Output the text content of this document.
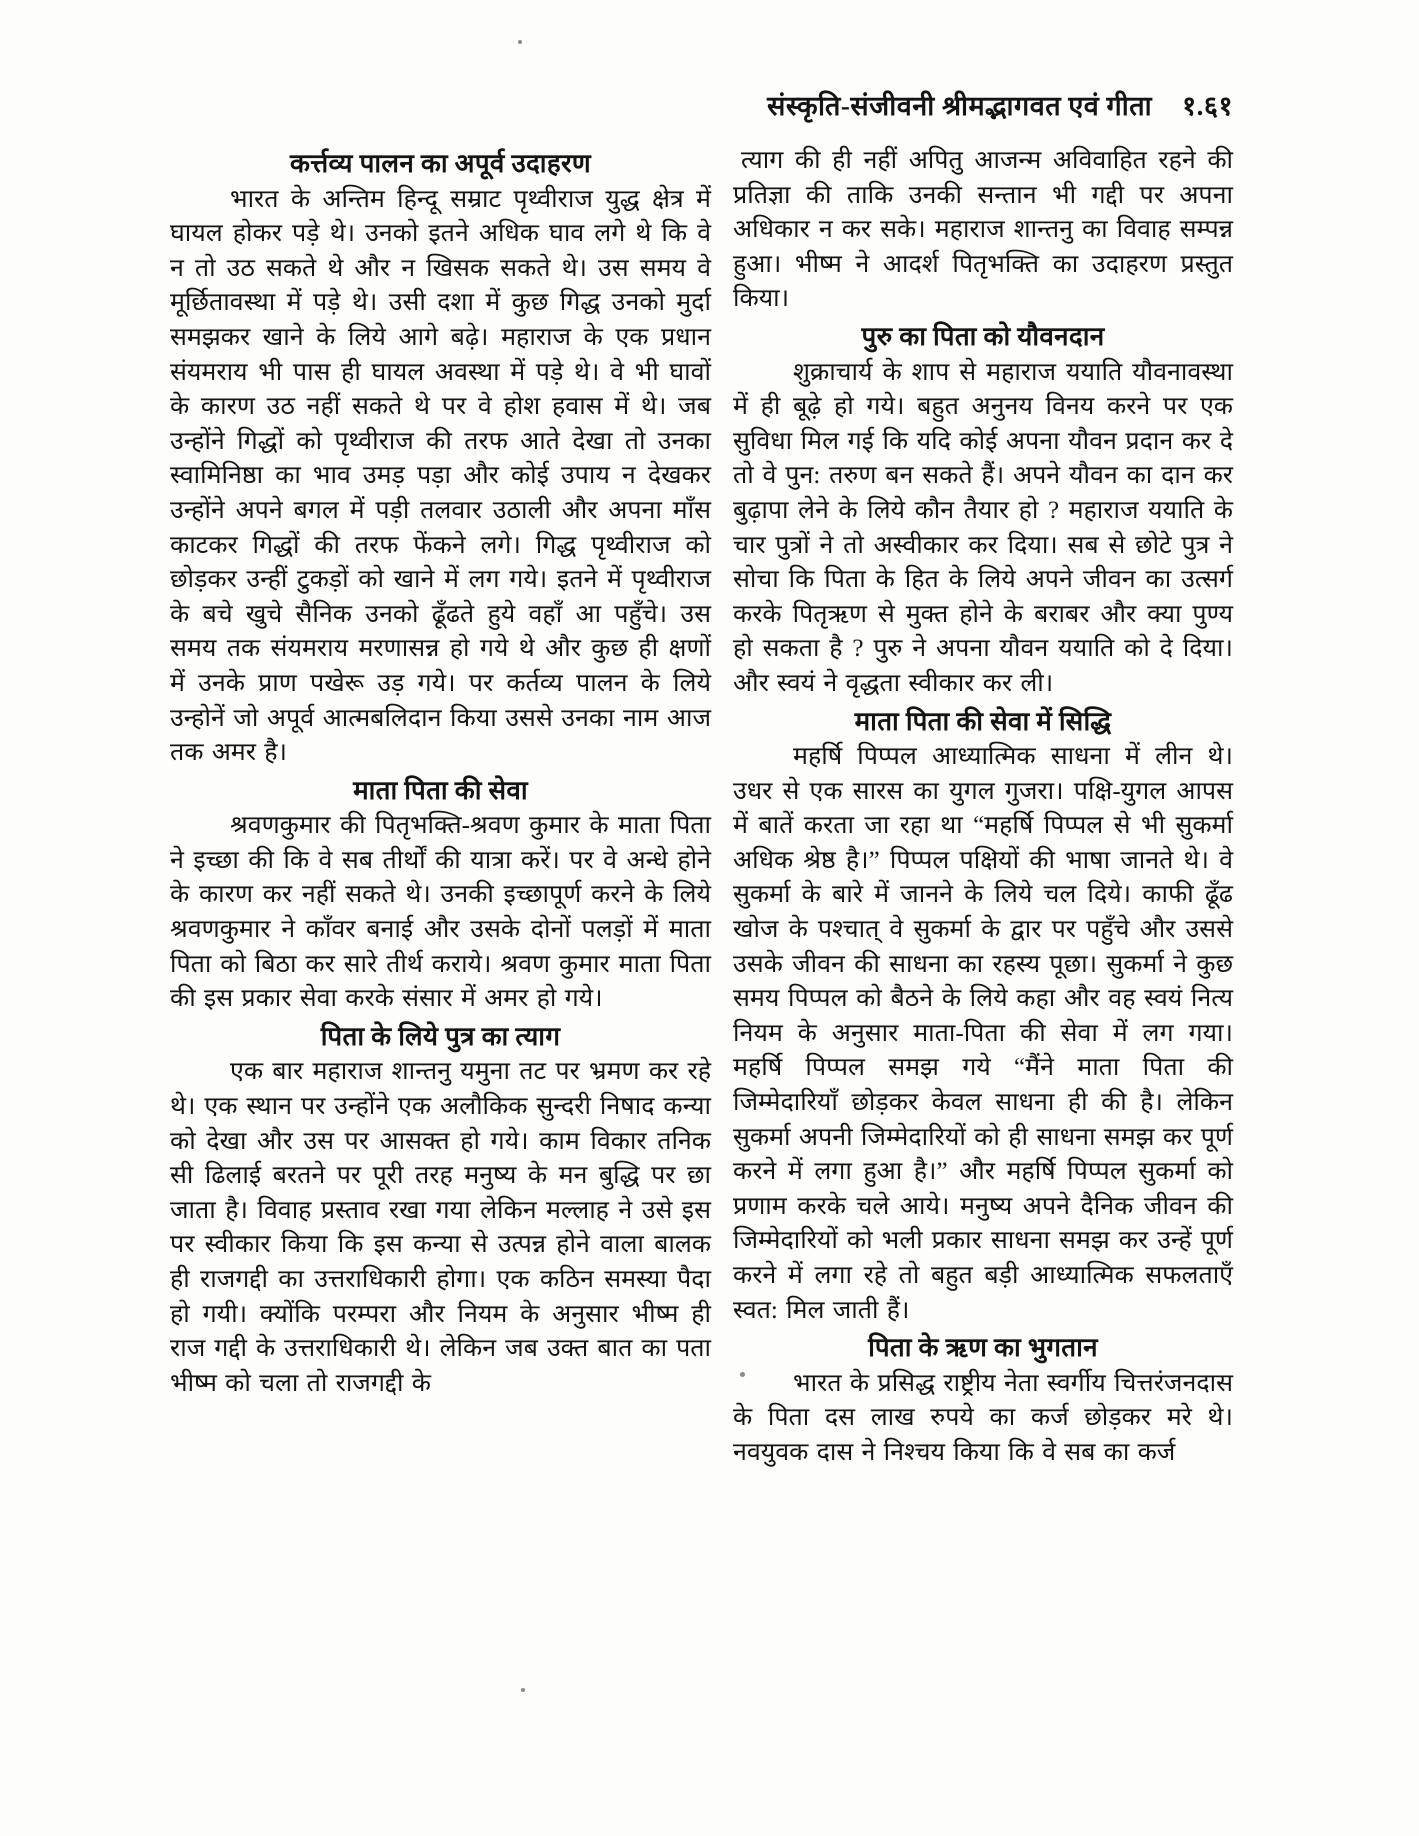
संस्कृति-संजीवनी श्रीमद्भागवत एवं गीता १.६१
कर्त्तव्य पालन का अपूर्व उदाहरण

भारत के अन्तिम हिन्दू सम्राट पृथ्वीराज युद्ध क्षेत्र में घायल होकर पड़े थे। उनको इतने अधिक घाव लगे थे कि वे न तो उठ सकते थे और न खिसक सकते थे। उस समय वे मूर्छितावस्था में पड़े थे। उसी दशा में कुछ गिद्ध उनको मुर्दा समझकर खाने के लिये आगे बढ़े। महाराज के एक प्रधान संयमराय भी पास ही घायल अवस्था में पड़े थे। वे भी घावों के कारण उठ नहीं सकते थे पर वे होश हवास में थे। जब उन्होंने गिद्धों को पृथ्वीराज की तरफ आते देखा तो उनका स्वामिनिष्ठा का भाव उमड़ पड़ा और कोई उपाय न देखकर उन्होंने अपने बगल में पड़ी तलवार उठाली और अपना माँस काटकर गिद्धों की तरफ फेंकने लगे। गिद्ध पृथ्वीराज को छोड़कर उन्हीं टुकड़ों को खाने में लग गये। इतने में पृथ्वीराज के बचे खुचे सैनिक उनको ढूँढते हुये वहाँ आ पहुँचे। उस समय तक संयमराय मरणासन्न हो गये थे और कुछ ही क्षणों में उनके प्राण पखेरू उड़ गये। पर कर्तव्य पालन के लिये उन्होनें जो अपूर्व आत्मबलिदान किया उससे उनका नाम आज तक अमर है।

माता पिता की सेवा

श्रवणकुमार की पितृभक्ति-श्रवण कुमार के माता पिता ने इच्छा की कि वे सब तीर्थों की यात्रा करें। पर वे अन्धे होने के कारण कर नहीं सकते थे। उनकी इच्छापूर्ण करने के लिये श्रवणकुमार ने काँवर बनाई और उसके दोनों पलड़ों में माता पिता को बिठा कर सारे तीर्थ कराये। श्रवण कुमार माता पिता की इस प्रकार सेवा करके संसार में अमर हो गये।

पिता के लिये पुत्र का त्याग

एक बार महाराज शान्तनु यमुना तट पर भ्रमण कर रहे थे। एक स्थान पर उन्होंने एक अलौकिक सुन्दरी निषाद कन्या को देखा और उस पर आसक्त हो गये। काम विकार तनिक सी ढिलाई बरतने पर पूरी तरह मनुष्य के मन बुद्धि पर छा जाता है। विवाह प्रस्ताव रखा गया लेकिन मल्लाह ने उसे इस पर स्वीकार किया कि इस कन्या से उत्पन्न होने वाला बालक ही राजगद्दी का उत्तराधिकारी होगा। एक कठिन समस्या पैदा हो गयी। क्योंकि परम्परा और नियम के अनुसार भीष्म ही राज गद्दी के उत्तराधिकारी थे। लेकिन जब उक्त बात का पता भीष्म को चला तो राजगद्दी के

त्याग की ही नहीं अपितु आजन्म अविवाहित रहने की प्रतिज्ञा की ताकि उनकी सन्तान भी गद्दी पर अपना अधिकार न कर सके। महाराज शान्तनु का विवाह सम्पन्न हुआ। भीष्म ने आदर्श पितृभक्ति का उदाहरण प्रस्तुत किया।

पुरु का पिता को यौवनदान

शुक्राचार्य के शाप से महाराज ययाति यौवनावस्था में ही बूढ़े हो गये। बहुत अनुनय विनय करने पर एक सुविधा मिल गई कि यदि कोई अपना यौवन प्रदान कर दे तो वे पुन: तरुण बन सकते हैं। अपने यौवन का दान कर बुढ़ापा लेने के लिये कौन तैयार हो ? महाराज ययाति के चार पुत्रों ने तो अस्वीकार कर दिया। सब से छोटे पुत्र ने सोचा कि पिता के हित के लिये अपने जीवन का उत्सर्ग करके पितृऋण से मुक्त होने के बराबर और क्या पुण्य हो सकता है ? पुरु ने अपना यौवन ययाति को दे दिया। और स्वयं ने वृद्धता स्वीकार कर ली।

माता पिता की सेवा में सिद्धि

महर्षि पिप्पल आध्यात्मिक साधना में लीन थे। उधर से एक सारस का युगल गुजरा। पक्षि-युगल आपस में बातें करता जा रहा था “महर्षि पिप्पल से भी सुकर्मा अधिक श्रेष्ठ है।” पिप्पल पक्षियों की भाषा जानते थे। वे सुकर्मा के बारे में जानने के लिये चल दिये। काफी ढूँढ खोज के पश्चात् वे सुकर्मा के द्वार पर पहुँचे और उससे उसके जीवन की साधना का रहस्य पूछा। सुकर्मा ने कुछ समय पिप्पल को बैठने के लिये कहा और वह स्वयं नित्य नियम के अनुसार माता-पिता की सेवा में लग गया। महर्षि पिप्पल समझ गये “मैंने माता पिता की जिम्मेदारियाँ छोड़कर केवल साधना ही की है। लेकिन सुकर्मा अपनी जिम्मेदारियों को ही साधना समझ कर पूर्ण करने में लगा हुआ है।” और महर्षि पिप्पल सुकर्मा को प्रणाम करके चले आये। मनुष्य अपने दैनिक जीवन की जिम्मेदारियों को भली प्रकार साधना समझ कर उन्हें पूर्ण करने में लगा रहे तो बहुत बड़ी आध्यात्मिक सफलताएँ स्वत: मिल जाती हैं।

पिता के ऋण का भुगतान

भारत के प्रसिद्ध राष्ट्रीय नेता स्वर्गीय चित्तरंजनदास के पिता दस लाख रुपये का कर्ज छोड़कर मरे थे। नवयुवक दास ने निश्चय किया कि वे सब का कर्ज
